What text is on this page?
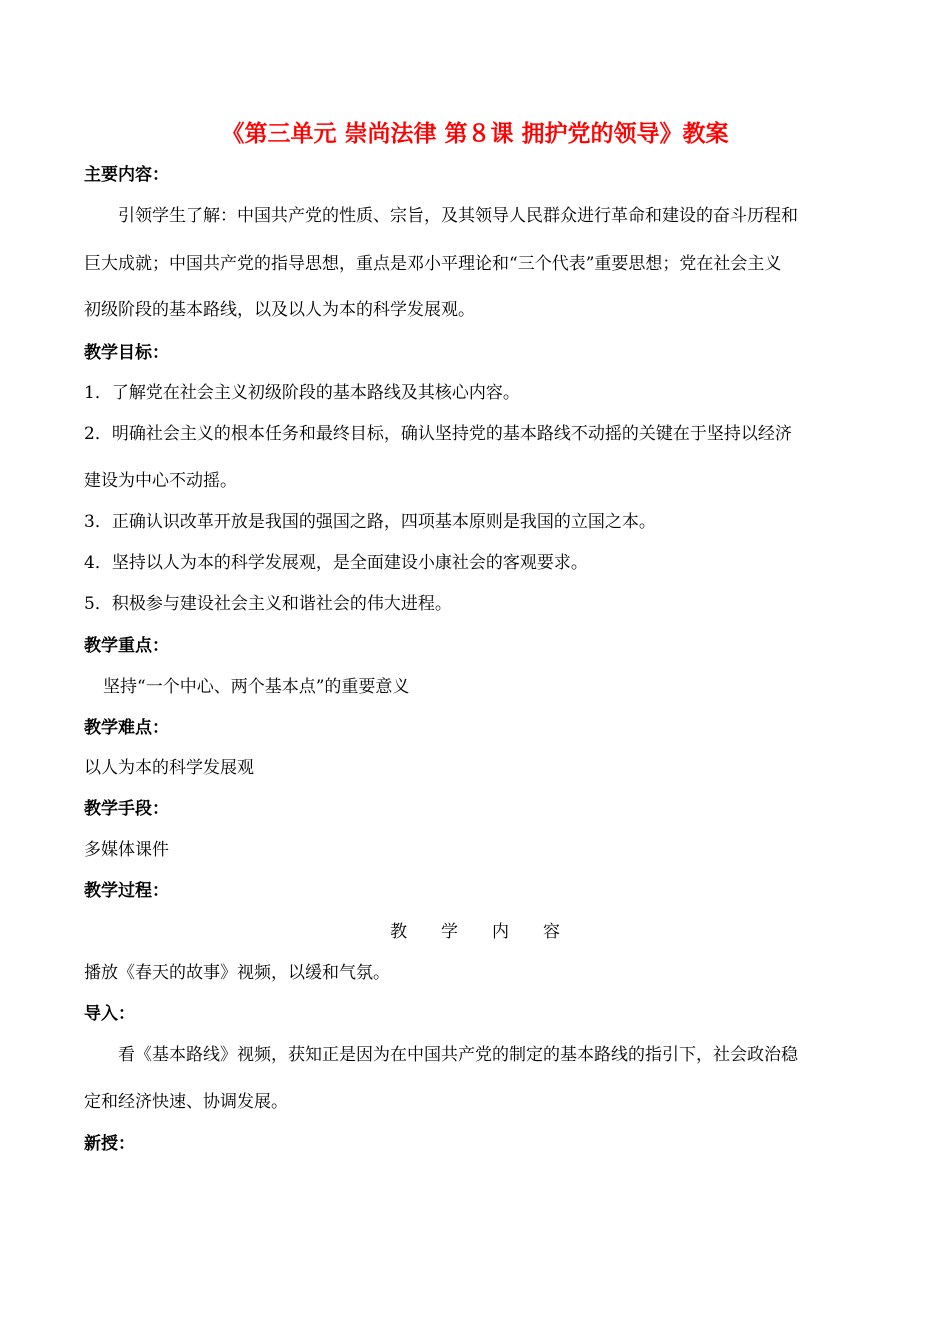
《第三单元 崇尚法律 第８课 拥护党的领导》教案
主要内容：
引领学生了解：中国共产党的性质、宗旨，及其领导人民群众进行革命和建设的奋斗历程和
巨大成就；中国共产党的指导思想，重点是邓小平理论和“三个代表”重要思想；党在社会主义
初级阶段的基本路线，以及以人为本的科学发展观。
教学目标：
1．了解党在社会主义初级阶段的基本路线及其核心内容。
2．明确社会主义的根本任务和最终目标，确认坚持党的基本路线不动摇的关键在于坚持以经济
建设为中心不动摇。
3．正确认识改革开放是我国的强国之路，四项基本原则是我国的立国之本。
4．坚持以人为本的科学发展观，是全面建设小康社会的客观要求。
5．积极参与建设社会主义和谐社会的伟大进程。
教学重点：
坚持“一个中心、两个基本点”的重要意义
教学难点：
以人为本的科学发展观
教学手段：
多媒体课件
教学过程：
教学内容
播放《春天的故事》视频，以缓和气氛。
导入：
看《基本路线》视频，获知正是因为在中国共产党的制定的基本路线的指引下，社会政治稳
定和经济快速、协调发展。
新授：
